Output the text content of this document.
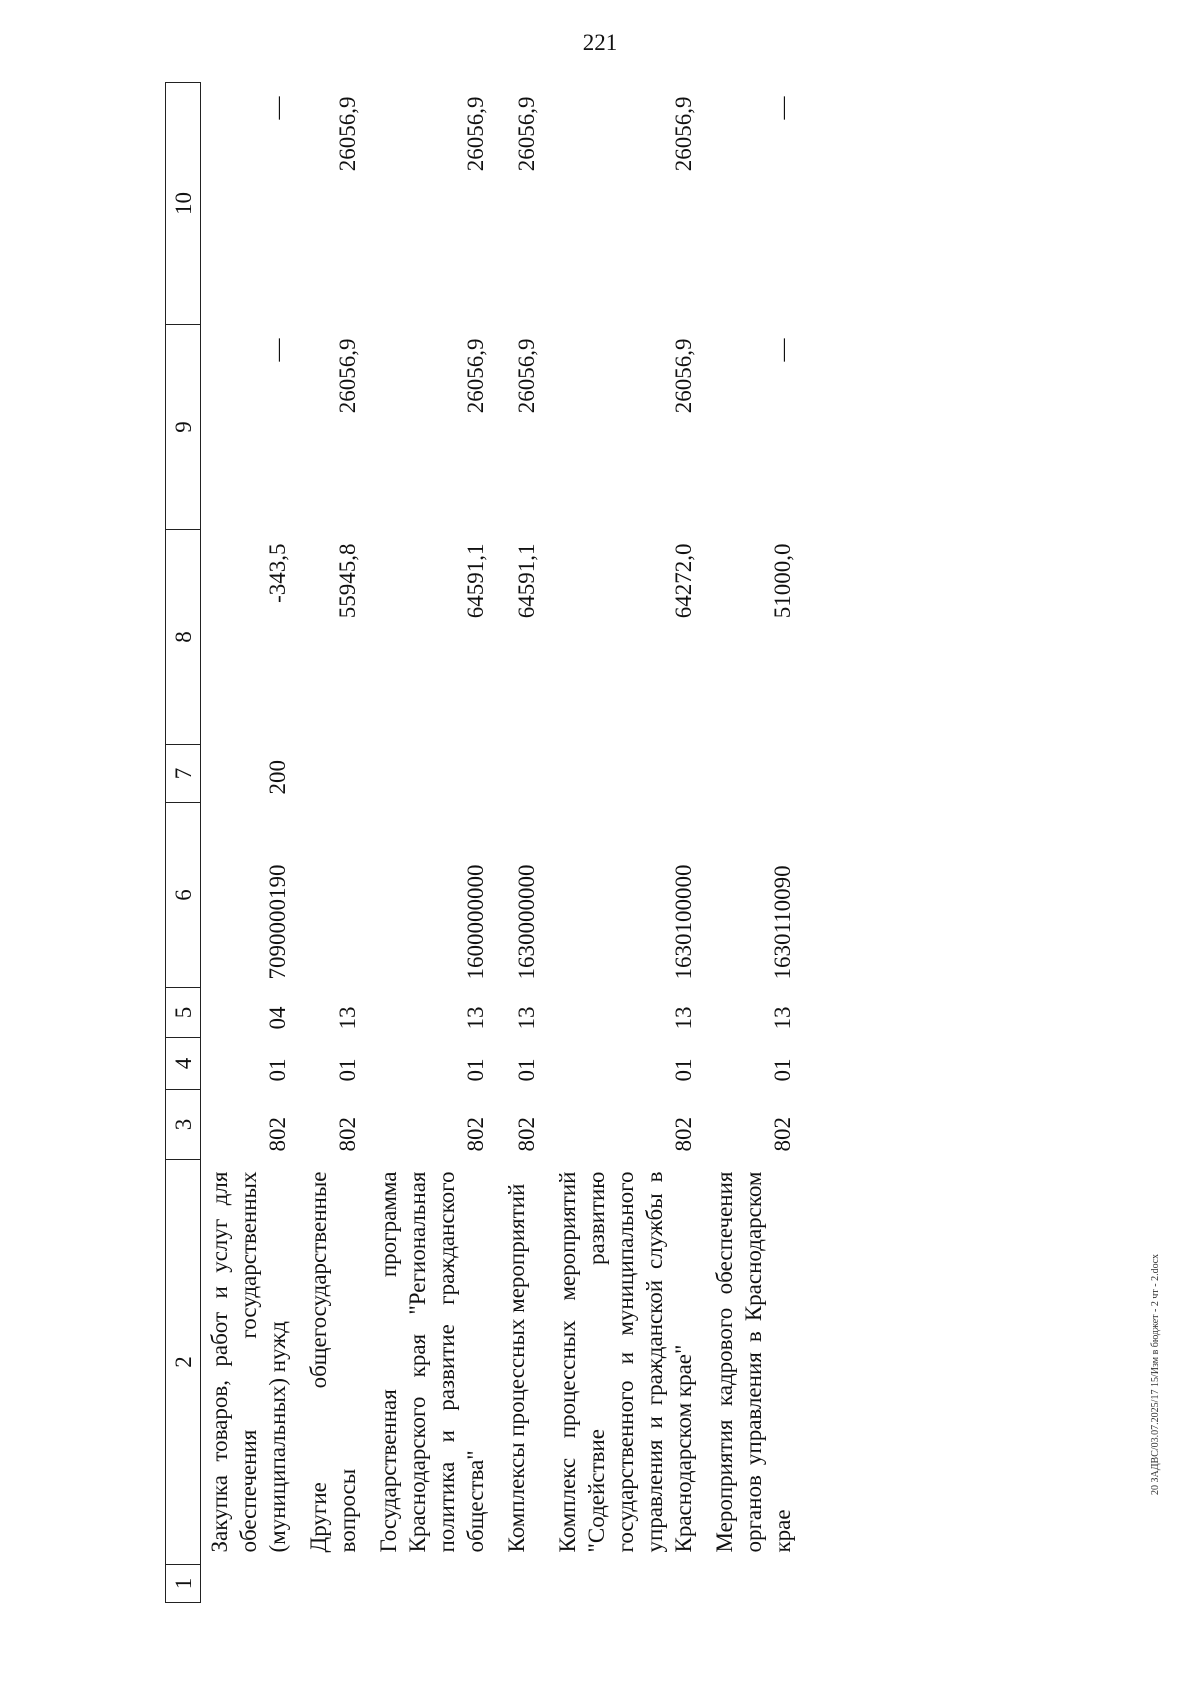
221
1	2	3	4	5	6	7	8	9	10
	Закупка товаров, работ и услуг для обеспечения государственных (муниципальных) нужд	802	01	04	7090000190	200	-343,5	—	—
	Другие общегосударственные вопросы	802	01	13			55945,8	26056,9	26056,9
	Государственная программа Краснодарского края "Региональная политика и развитие гражданского общества"	802	01	13	1600000000		64591,1	26056,9	26056,9
	Комплексы процессных мероприятий	802	01	13	1630000000		64591,1	26056,9	26056,9
	Комплекс процессных мероприятий "Содействие развитию государственного и муниципального управления и гражданской службы в Краснодарском крае"	802	01	13	1630100000		64272,0	26056,9	26056,9
	Мероприятия кадрового обеспечения органов управления в Краснодарском крае	802	01	13	1630110090		51000,0	—	—
20 ЗАДВС/03.07.2025/17 15/Изм в бюджет - 2 чт - 2.docx
